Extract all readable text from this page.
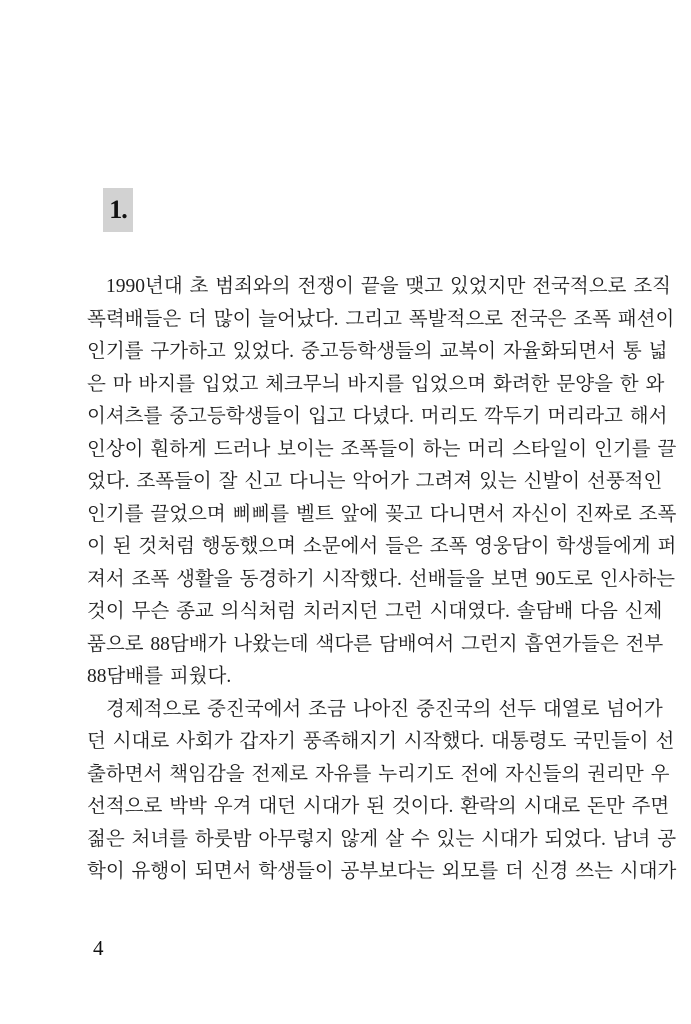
1.
1990년대 초 범죄와의 전쟁이 끝을 맺고 있었지만 전국적으로 조직
폭력배들은 더 많이 늘어났다. 그리고 폭발적으로 전국은 조폭 패션이
인기를 구가하고 있었다. 중고등학생들의 교복이 자율화되면서 통 넓
은 마 바지를 입었고 체크무늬 바지를 입었으며 화려한 문양을 한 와
이셔츠를 중고등학생들이 입고 다녔다. 머리도 깍두기 머리라고 해서
인상이 훤하게 드러나 보이는 조폭들이 하는 머리 스타일이 인기를 끌
었다. 조폭들이 잘 신고 다니는 악어가 그려져 있는 신발이 선풍적인
인기를 끌었으며 삐삐를 벨트 앞에 꽂고 다니면서 자신이 진짜로 조폭
이 된 것처럼 행동했으며 소문에서 들은 조폭 영웅담이 학생들에게 퍼
져서 조폭 생활을 동경하기 시작했다. 선배들을 보면 90도로 인사하는
것이 무슨 종교 의식처럼 치러지던 그런 시대였다. 솔담배 다음 신제
품으로 88담배가 나왔는데 색다른 담배여서 그런지 흡연가들은 전부
88담배를 피웠다.
경제적으로 중진국에서 조금 나아진 중진국의 선두 대열로 넘어가
던 시대로 사회가 갑자기 풍족해지기 시작했다. 대통령도 국민들이 선
출하면서 책임감을 전제로 자유를 누리기도 전에 자신들의 권리만 우
선적으로 박박 우겨 대던 시대가 된 것이다. 환락의 시대로 돈만 주면
젊은 처녀를 하룻밤 아무렇지 않게 살 수 있는 시대가 되었다. 남녀 공
학이 유행이 되면서 학생들이 공부보다는 외모를 더 신경 쓰는 시대가
4
